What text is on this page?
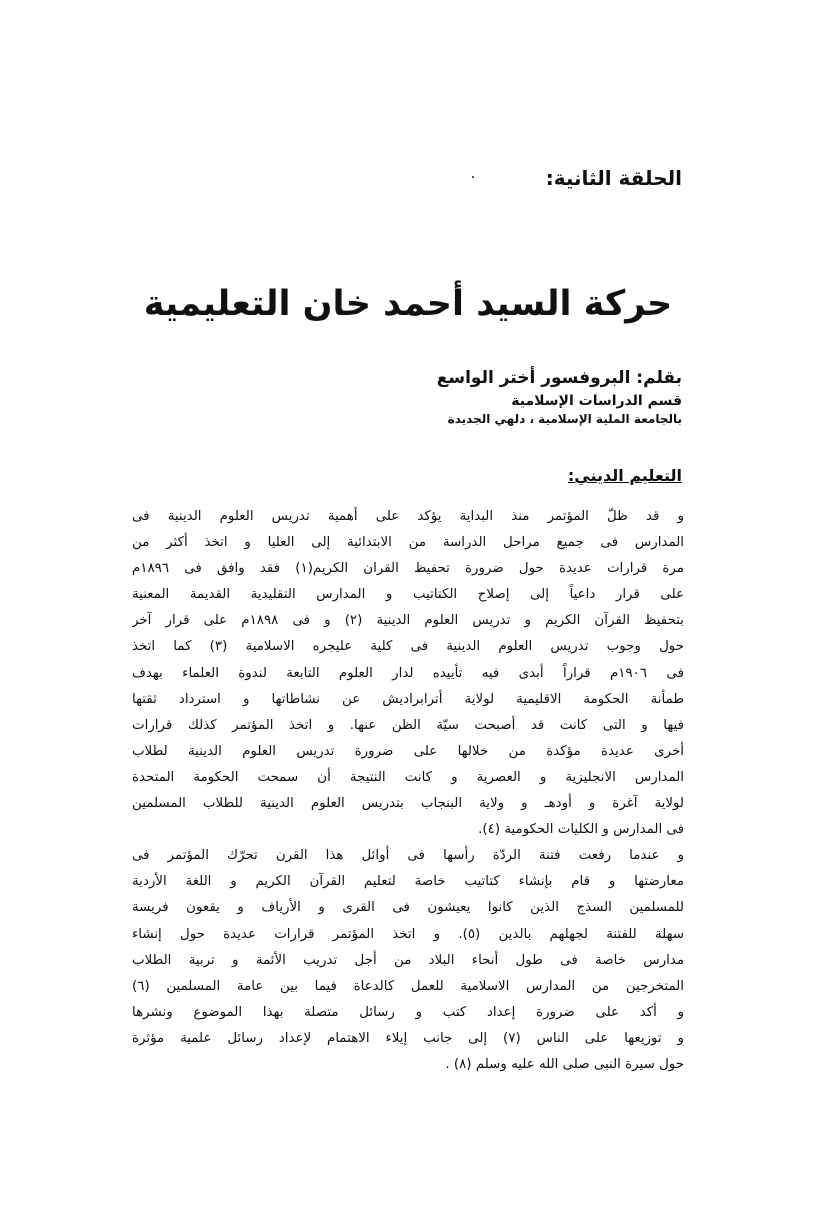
الحلقة الثانية:
حركة السيد أحمد خان التعليمية
بقلم: البروفسور أختر الواسع
قسم الدراسات الإسلامية
بالجامعة الملية الإسلامية ، دلهي الجديدة
التعليم الديني:
و قد ظلّ المؤتمر منذ البداية يؤكد على أهمية تدريس العلوم الدينية فى
المدارس فى جميع مراحل الدراسة من الابتدائية إلى العليا و اتخذ أكثر من
مرة قرارات عديدة حول ضرورة تحفيظ القران الكريم(١) فقد وافق فى ١٨٩٦م
على قرار داعياً إلى إصلاح الكتاتيب و المدارس التقليدية القديمة المعنية
بتحفيظ القرآن الكريم و تدريس العلوم الدينية (٢) و فى ١٨٩٨م على قرار آخر
حول وجوب تدريس العلوم الدينية فى كلية عليجره الاسلامية (٣) كما اتخذ
فى ١٩٠٦م قراراً أبدى فيه تأييده لدار العلوم التابعة لندوة العلماء بهدف
طمأنة الحكومة الاقليمية لولاية أترابراديش عن نشاطاتها و استرداد ثقتها
فيها و التى كانت قد أصبحت سيّة الظن عنها. و اتخذ المؤتمر كذلك قرارات
أخرى عديدة مؤكدة من خلالها على ضرورة تدريس العلوم الدينية لطلاب
المدارس الانجليزية و العصرية و كانت النتيجة أن سمحت الحكومة المتحدة
لولاية آغرة و أودهـ و ولاية البنجاب بتدريس العلوم الدينية للطلاب المسلمين
فى المدارس و الكليات الحكومية (٤).
و عندما رفعت فتنة الردّة رأسها فى أوائل هذا القرن تحرّك المؤتمر فى
معارضتها و قام بإنشاء كتاتيب خاصة لتعليم القرآن الكريم و اللغة الأردية
للمسلمين السذج الذين كانوا يعيشون فى القرى و الأرياف و يقعون فريسة
سهلة للفتنة لجهلهم بالدين (٥). و اتخذ المؤتمر قرارات عديدة حول إنشاء
مدارس خاصة فى طول أنحاء البلاد من أجل تدريب الأئمة و تربية الطلاب
المتخرجين من المدارس الاسلامية للعمل كالدعاة فيما بين عامة المسلمين (٦)
و أكد على ضرورة إعداد كتب و رسائل متصلة بهذا الموضوع ونشرها
و توزيعها على الناس (٧) إلى جانب إيلاء الاهتمام لإعداد رسائل علمية مؤثرة
حول سيرة النبى صلى الله عليه وسلم (٨) .
